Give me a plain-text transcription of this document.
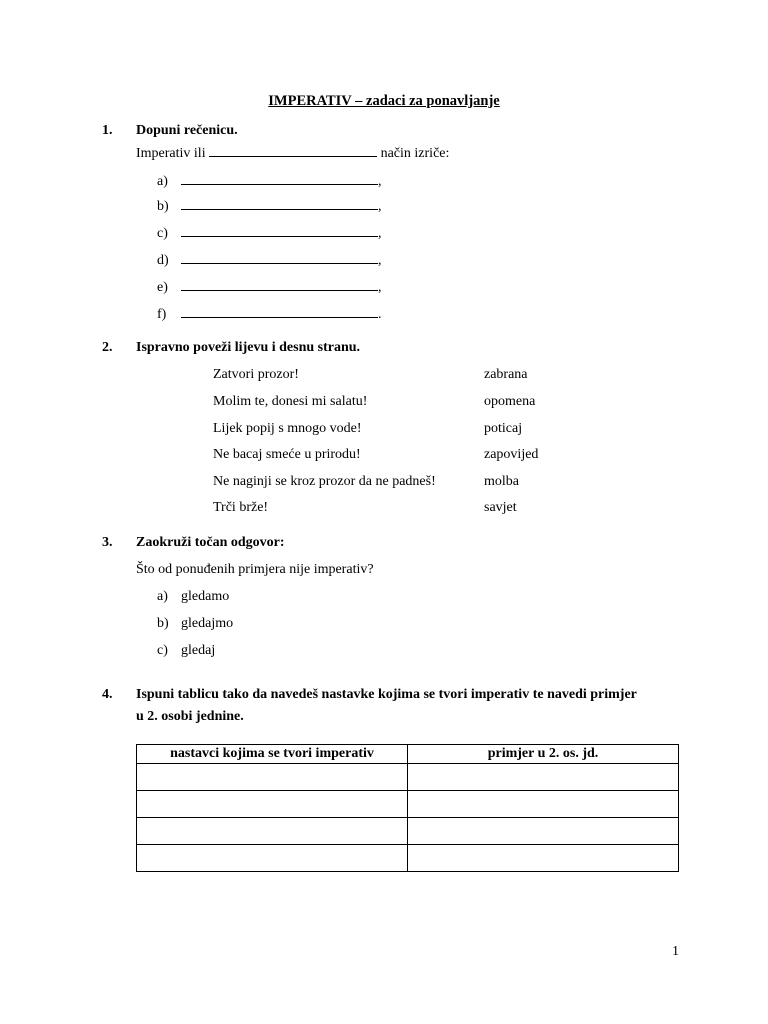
IMPERATIV – zadaci za ponavljanje
1. Dopuni rečenicu.
Imperativ ili	način izriče:
a)	,
b)	,
c)	,
d)	,
e)	,
f)	.
2. Ispravno poveži lijevu i desnu stranu.
Zatvori prozor!	zabrana
Molim te, donesi mi salatu!	opomena
Lijek popij s mnogo vode!	poticaj
Ne bacaj smeće u prirodu!	zapovijed
Ne naginji se kroz prozor da ne padneš!	molba
Trči brže!	savjet
3. Zaokruži točan odgovor:
Što od ponuđenih primjera nije imperativ?
a) gledamo
b) gledajmo
c) gledaj
4. Ispuni tablicu tako da navedeš nastavke kojima se tvori imperativ te navedi primjer
u 2. osobi jednine.
nastavci kojima se tvori imperativ	primjer u 2. os. jd.

1
